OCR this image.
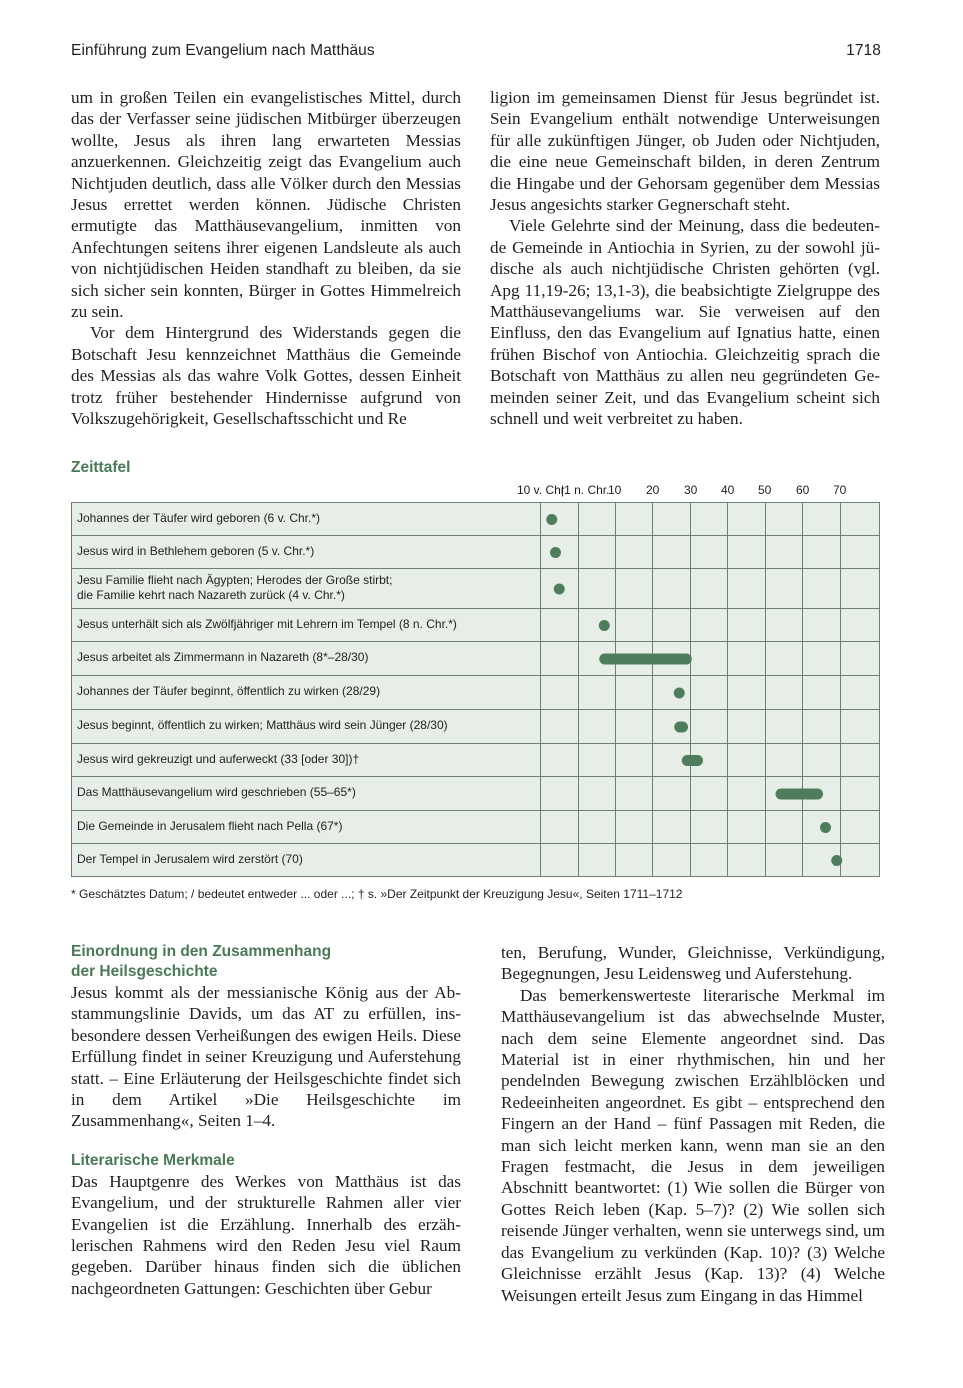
Einführung zum Evangelium nach Matthäus	1718

um in großen Teilen ein evangelistisches Mittel, durch das der Verfasser seine jüdischen Mitbürger überzeugen wollte, Jesus als ihren lang erwarteten Messias anzuerkennen. Gleichzeitig zeigt das Evangelium auch Nichtjuden deutlich, dass alle Völker durch den Messias Jesus errettet werden können. Jüdische Christen ermutigte das Matthäusevangelium, inmitten von Anfechtungen seitens ihrer eigenen Landsleute als auch von nichtjüdischen Heiden standhaft zu bleiben, da sie sich sicher sein konnten, Bürger in Gottes Himmelreich zu sein.

Vor dem Hintergrund des Widerstands gegen die Botschaft Jesu kennzeichnet Matthäus die Gemeinde des Messias als das wahre Volk Gottes, dessen Einheit trotz früher bestehender Hindernisse aufgrund von Volkszugehörigkeit, Gesellschaftsschicht und Re

ligion im gemeinsamen Dienst für Jesus begründet ist. Sein Evangelium enthält notwendige Unterweisungen für alle zukünftigen Jünger, ob Juden oder Nichtjuden, die eine neue Gemeinschaft bilden, in deren Zentrum die Hingabe und der Gehorsam gegenüber dem Messias Jesus angesichts starker Gegnerschaft steht.

Viele Gelehrte sind der Meinung, dass die bedeutende Gemeinde in Antiochia in Syrien, zu der sowohl jüdische als auch nichtjüdische Christen gehörten (vgl. Apg 11,19-26; 13,1-3), die beabsichtigte Zielgruppe des Matthäusevangeliums war. Sie verweisen auf den Einfluss, den das Evangelium auf Ignatius hatte, einen frühen Bischof von Antiochia. Gleichzeitig sprach die Botschaft von Matthäus zu allen neu gegründeten Gemeinden seiner Zeit, und das Evangelium scheint sich schnell und weit verbreitet zu haben.

Zeittafel
10 v. Chr.
|1 n. Chr.
10 20 30 40 50 60 70
Johannes der Täufer wird geboren (6 v. Chr.*)
Jesus wird in Bethlehem geboren (5 v. Chr.*)
Jesu Familie flieht nach Ägypten; Herodes der Große stirbt;
die Familie kehrt nach Nazareth zurück (4 v. Chr.*)
Jesus unterhält sich als Zwölfjähriger mit Lehrern im Tempel (8 n. Chr.*)
Jesus arbeitet als Zimmermann in Nazareth (8*–28/30)
Johannes der Täufer beginnt, öffentlich zu wirken (28/29)
Jesus beginnt, öffentlich zu wirken; Matthäus wird sein Jünger (28/30)
Jesus wird gekreuzigt und auferweckt (33 [oder 30])†
Das Matthäusevangelium wird geschrieben (55–65*)
Die Gemeinde in Jerusalem flieht nach Pella (67*)
Der Tempel in Jerusalem wird zerstört (70)
* Geschätztes Datum; / bedeutet entweder ... oder ...; † s. »Der Zeitpunkt der Kreuzigung Jesu«, Seiten 1711–1712
Einordnung in den Zusammenhang
der Heilsgeschichte

Jesus kommt als der messianische König aus der Abstammungslinie Davids, um das AT zu erfüllen, insbesondere dessen Verheißungen des ewigen Heils. Diese Erfüllung findet in seiner Kreuzigung und Auferstehung statt. – Eine Erläuterung der Heilsgeschichte findet sich in dem Artikel »Die Heilsgeschichte im Zusammenhang«, Seiten 1–4.

Literarische Merkmale

Das Hauptgenre des Werkes von Matthäus ist das Evangelium, und der strukturelle Rahmen aller vier Evangelien ist die Erzählung. Innerhalb des erzählerischen Rahmens wird den Reden Jesu viel Raum gegeben. Darüber hinaus finden sich die üblichen nachgeordneten Gattungen: Geschichten über Gebur

ten, Berufung, Wunder, Gleichnisse, Verkündigung, Begegnungen, Jesu Leidensweg und Auferstehung.

Das bemerkenswerteste literarische Merkmal im Matthäusevangelium ist das abwechselnde Muster, nach dem seine Elemente angeordnet sind. Das Material ist in einer rhythmischen, hin und her pendelnden Bewegung zwischen Erzählblöcken und Redeeinheiten angeordnet. Es gibt – entsprechend den Fingern an der Hand – fünf Passagen mit Reden, die man sich leicht merken kann, wenn man sie an den Fragen festmacht, die Jesus in dem jeweiligen Abschnitt beantwortet: (1) Wie sollen die Bürger von Gottes Reich leben (Kap. 5–7)? (2) Wie sollen sich reisende Jünger verhalten, wenn sie unterwegs sind, um das Evangelium zu verkünden (Kap. 10)? (3) Welche Gleichnisse erzählt Jesus (Kap. 13)? (4) Welche Weisungen erteilt Jesus zum Eingang in das Himmel
